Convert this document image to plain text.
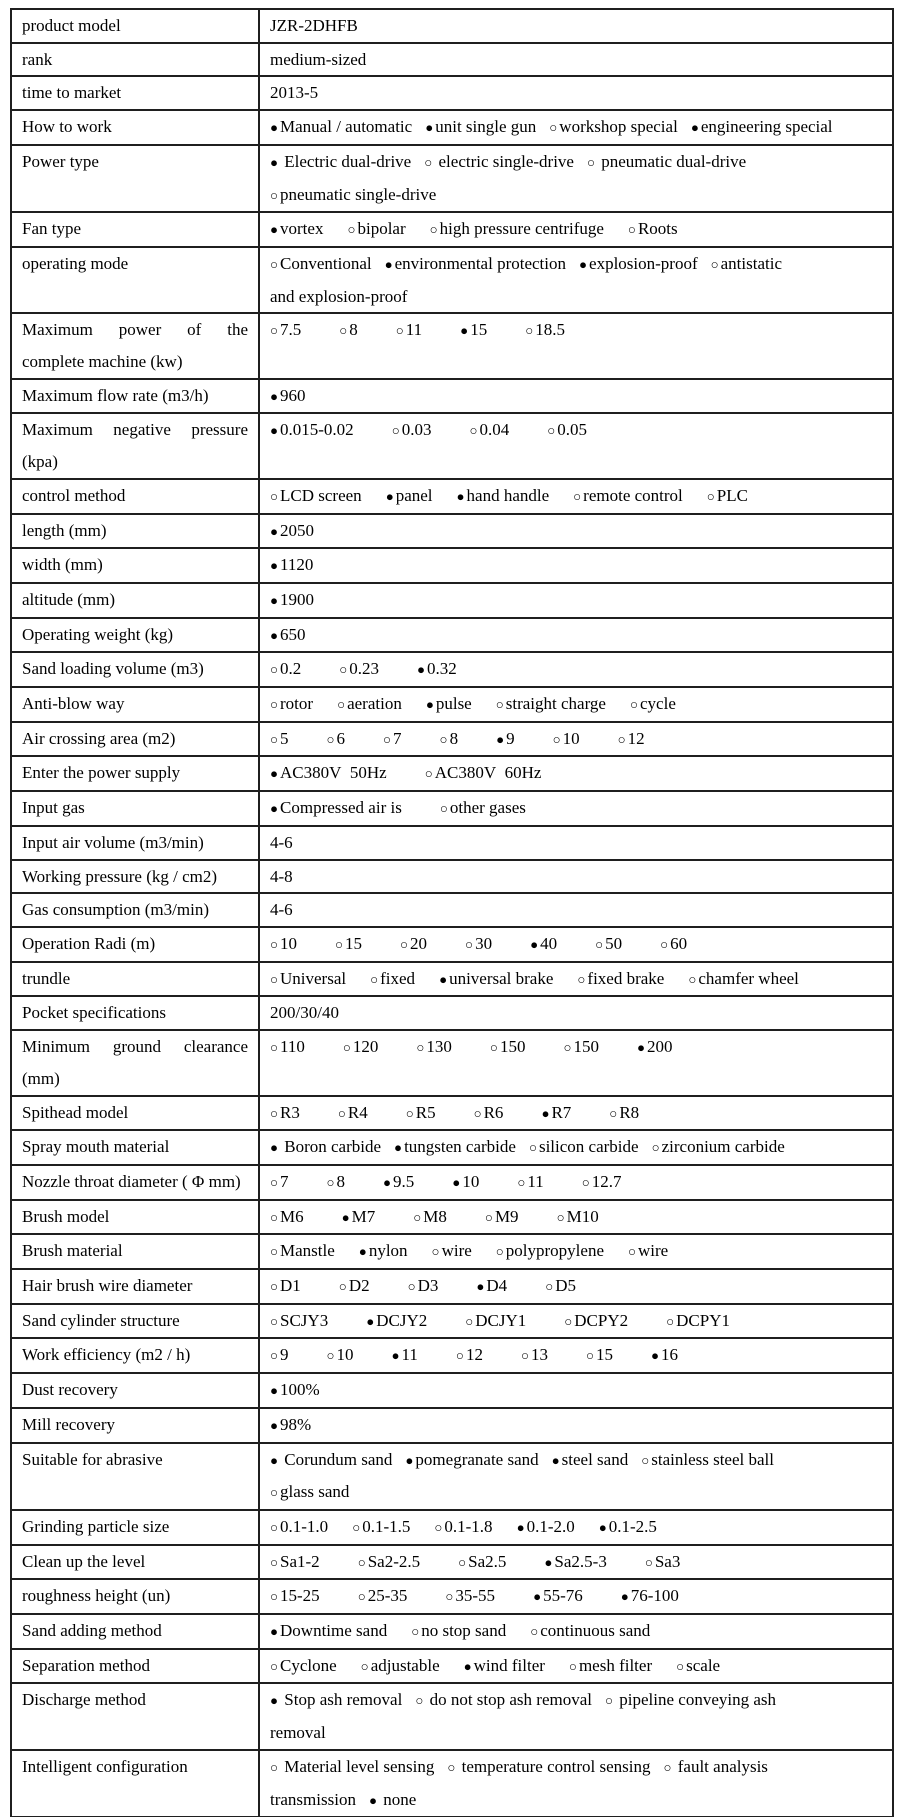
product model	JZR-2DHFB
rank	medium-sized
time to market	2013-5
How to work	● Manual / automatic ● unit single gun ○ workshop special ● engineering special

Power type	● Electric dual-drive ○ electric single-drive ○ pneumatic dual-drive
○ pneumatic single-drive

Fan type	● vortex ○ bipolar ○ high pressure centrifuge ○ Roots

operating mode	○ Conventional ● environmental protection ● explosion-proof ○ antistatic
and explosion-proof

Maximum power of the complete machine (kw)	○ 7.5 ○ 8 ○ 11 ● 15 ○ 18.5

Maximum flow rate (m3/h)	● 960

Maximum negative pressure (kpa)	● 0.015-0.02 ○ 0.03 ○ 0.04 ○ 0.05

control method	○ LCD screen ● panel ● hand handle ○ remote control ○ PLC

length (mm)	● 2050

width (mm)	● 1120

altitude (mm)	● 1900

Operating weight (kg)	● 650

Sand loading volume (m3)	○ 0.2 ○ 0.23 ● 0.32

Anti-blow way	○ rotor ○ aeration ● pulse ○ straight charge ○ cycle

Air crossing area (m2)	○ 5 ○ 6 ○ 7 ○ 8 ● 9 ○ 10 ○ 12

Enter the power supply	● AC380V  50Hz ○ AC380V  60Hz

Input gas	● Compressed air is ○ other gases

Input air volume (m3/min)	4-6
Working pressure (kg / cm2)	4-8
Gas consumption (m3/min)	4-6
Operation Radi (m)	○ 10 ○ 15 ○ 20 ○ 30 ● 40 ○ 50 ○ 60

trundle	○ Universal ○ fixed ● universal brake ○ fixed brake ○ chamfer wheel

Pocket specifications	200/30/40
Minimum ground clearance (mm)	○ 110 ○ 120 ○ 130 ○ 150 ○ 150 ● 200

Spithead model	○ R3 ○ R4 ○ R5 ○ R6 ● R7 ○ R8

Spray mouth material	● Boron carbide ● tungsten carbide ○ silicon carbide ○ zirconium carbide

Nozzle throat diameter ( Φ mm)	○ 7 ○ 8 ● 9.5 ● 10 ○ 11 ○ 12.7

Brush model	○ M6 ● M7 ○ M8 ○ M9 ○ M10

Brush material	○ Manstle ● nylon ○ wire ○ polypropylene ○ wire

Hair brush wire diameter	○ D1 ○ D2 ○ D3 ● D4 ○ D5

Sand cylinder structure	○ SCJY3 ● DCJY2 ○ DCJY1 ○ DCPY2 ○ DCPY1

Work efficiency (m2 / h)	○ 9 ○ 10 ● 11 ○ 12 ○ 13 ○ 15 ● 16

Dust recovery	● 100%

Mill recovery	● 98%

Suitable for abrasive	● Corundum sand ● pomegranate sand ● steel sand ○ stainless steel ball
○ glass sand

Grinding particle size	○ 0.1-1.0 ○ 0.1-1.5 ○ 0.1-1.8 ● 0.1-2.0 ● 0.1-2.5

Clean up the level	○ Sa1-2 ○ Sa2-2.5 ○ Sa2.5 ● Sa2.5-3 ○ Sa3

roughness height (un)	○ 15-25 ○ 25-35 ○ 35-55 ● 55-76 ● 76-100

Sand adding method	● Downtime sand ○ no stop sand ○ continuous sand

Separation method	○ Cyclone ○ adjustable ● wind filter ○ mesh filter ○ scale

Discharge method	● Stop ash removal ○ do not stop ash removal ○ pipeline conveying ash
removal

Intelligent configuration	○ Material level sensing ○ temperature control sensing ○ fault analysis
transmission ● none
